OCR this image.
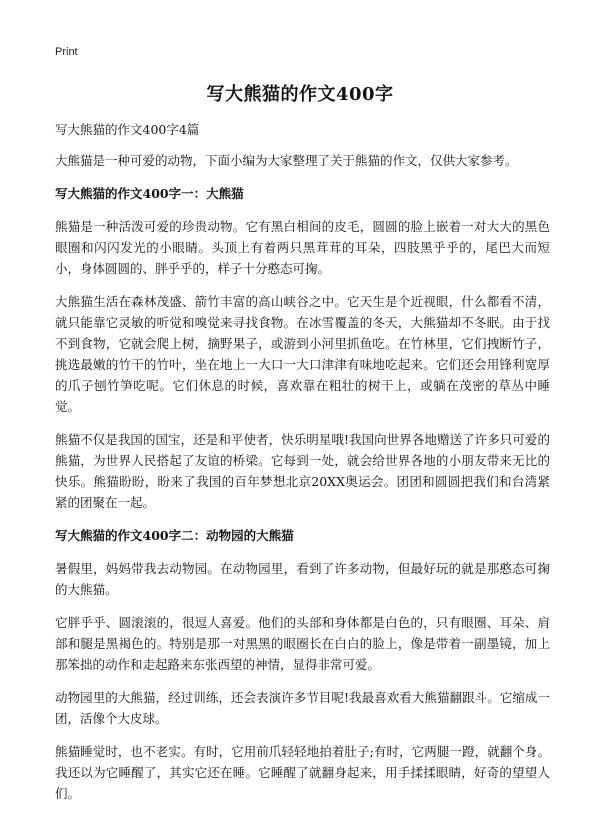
Print
写大熊猫的作文400字
写大熊猫的作文400字4篇

大熊猫是一种可爱的动物，下面小编为大家整理了关于熊猫的作文，仅供大家参考。

写大熊猫的作文400字一：大熊猫

熊猫是一种活泼可爱的珍贵动物。它有黑白相间的皮毛，圆圆的脸上嵌着一对大大的黑色眼圈和闪闪发光的小眼睛。头顶上有着两只黑茸茸的耳朵，四肢黑乎乎的，尾巴大而短小，身体圆圆的、胖乎乎的，样子十分憨态可掬。

大熊猫生活在森林茂盛、箭竹丰富的高山峡谷之中。它天生是个近视眼，什么都看不清，就只能靠它灵敏的听觉和嗅觉来寻找食物。在冰雪覆盖的冬天，大熊猫却不冬眠。由于找不到食物，它就会爬上树，摘野果子，或游到小河里抓鱼吃。在竹林里，它们拽断竹子，挑选最嫩的竹干的竹叶，坐在地上一大口一大口津津有味地吃起来。它们还会用锋利宽厚的爪子刨竹笋吃呢。它们休息的时候，喜欢靠在粗壮的树干上，或躺在茂密的草丛中睡觉。

熊猫不仅是我国的国宝，还是和平使者，快乐明星哦!我国向世界各地赠送了许多只可爱的熊猫，为世界人民搭起了友谊的桥梁。它每到一处，就会给世界各地的小朋友带来无比的快乐。熊猫盼盼，盼来了我国的百年梦想北京20XX奥运会。团团和圆圆把我们和台湾紧紧的团聚在一起。

写大熊猫的作文400字二：动物园的大熊猫

暑假里，妈妈带我去动物园。在动物园里，看到了许多动物，但最好玩的就是那憨态可掬的大熊猫。

它胖乎乎、圆滚滚的，很逗人喜爱。他们的头部和身体都是白色的，只有眼圈、耳朵、肩部和腿是黑褐色的。特别是那一对黑黑的眼圈长在白白的脸上，像是带着一副墨镜，加上那笨拙的动作和走起路来东张西望的神情，显得非常可爱。

动物园里的大熊猫，经过训练，还会表演许多节目呢!我最喜欢看大熊猫翻跟斗。它缩成一团，活像个大皮球。

熊猫睡觉时，也不老实。有时，它用前爪轻轻地拍着肚子;有时，它两腿一蹬，就翻个身。我还以为它睡醒了，其实它还在睡。它睡醒了就翻身起来，用手揉揉眼睛，好奇的望望人们。
